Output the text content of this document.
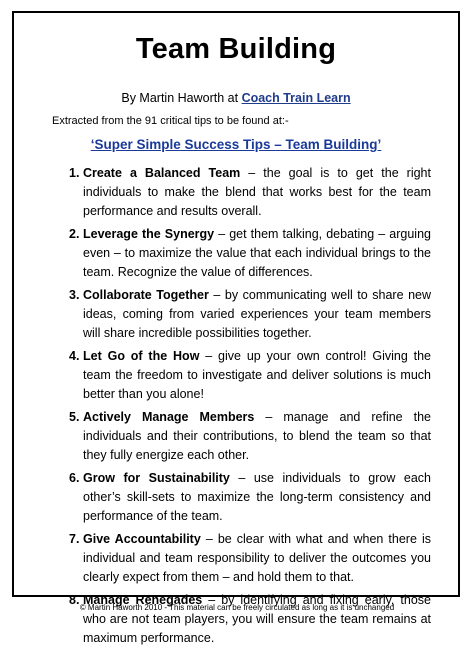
Team Building
By Martin Haworth at Coach Train Learn
Extracted from the 91 critical tips to be found at:-
‘Super Simple Success Tips – Team Building’
1. Create a Balanced Team – the goal is to get the right individuals to make the blend that works best for the team performance and results overall.
2. Leverage the Synergy – get them talking, debating – arguing even – to maximize the value that each individual brings to the team. Recognize the value of differences.
3. Collaborate Together – by communicating well to share new ideas, coming from varied experiences your team members will share incredible possibilities together.
4. Let Go of the How – give up your own control! Giving the team the freedom to investigate and deliver solutions is much better than you alone!
5. Actively Manage Members – manage and refine the individuals and their contributions, to blend the team so that they fully energize each other.
6. Grow for Sustainability – use individuals to grow each other’s skill-sets to maximize the long-term consistency and performance of the team.
7. Give Accountability – be clear with what and when there is individual and team responsibility to deliver the outcomes you clearly expect from them – and hold them to that.
8. Manage Renegades – by identifying and fixing early, those who are not team players, you will ensure the team remains at maximum performance.
© Martin Haworth 2010 - This material can be freely circulated as long as it is unchanged
